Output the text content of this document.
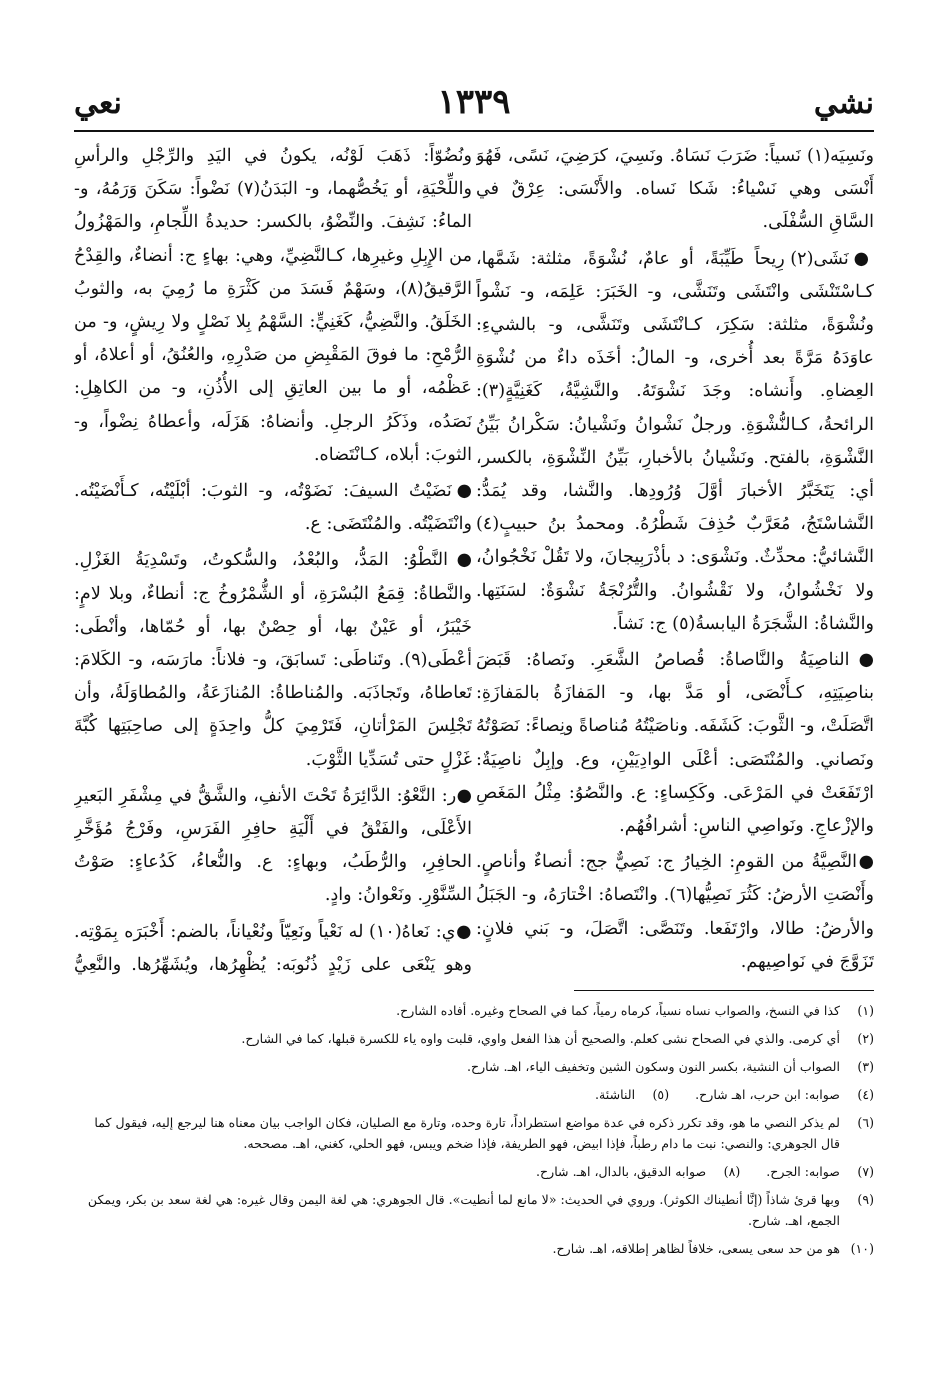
نشي
١٣٣٩
نعي

ونَسِيَه(١) نَسياً: ضَرَبَ نَسَاهُ. ونَسِيَ، كرَضِيَ، نَسًى، فَهُوَ أَنْسَى وهي نَسْياءُ: شَكا نَساه. والأَنْسَى: عِرْقٌ في السَّاقِ السُّفْلَى.

●نَشَى(٢) رِيحاً طَيِّبَةً، أو عامٌ، نُشْوَةً، مثلثة: شَمَّها، كـاسْتَنْشَى وانْتَشَى وتَنَشَّى، و- الخَبَرَ: عَلِمَه، و- نَشْواً ونُشْوَةً، مثلثة: سَكِرَ، كـانْتَشَى وتَنَشَّى، و- بالشيءِ: عاوَدَهُ مَرَّةً بعد أُخرى، و- المالُ: أخَذَه داءٌ من نُشْوَةِ العِضاهِ. وأَنشاه: وجَدَ نَشْوَتَهُ. والنَّشِيَّةُ، كَغَنِيَّةٍ(٣): الرائحةُ، كـالنُّشْوَةِ. ورجلٌ نَشْوانُ ونَشْيانُ: سَكْرانُ بَيِّنُ النَّشْوَةِ، بالفتح. ونَشْيانُ بالأخبارِ، بَيِّنُ النِّشْوَةِ، بالكسر، أي: يَتَخَبَّرُ الأخبارَ أوَّلَ وُرُودِها. والنَّشا، وقد يُمَدُّ: النَّشاسْتَجُ، مُعَرَّبٌ حُذِفَ شَطْرُهُ. ومحمدُ بنُ حبيبٍ(٤) النَّشائيُّ: محدِّثٌ. ونَشْوَى: د بأذْرَبِيجانَ، ولا تَقُلْ نَخْجُوانُ، ولا نَخْشُوانُ، ولا نَقْشُوانُ. والتُّرُنْجَةُ نَشْوَةٌ: لسَنَتِها. والنَّشاةُ: الشَّجَرَةُ اليابسةُ(٥) ج: نَشاً.

●الناصِيَةُ والنَّاصاةُ: قُصاصُ الشَّعَرِ. ونَصاهُ: قَبَضَ بناصِيَتِهِ، كـأَنْصَى، أو مَدَّ بها، و- المَفازَةُ بالمَفازَةِ: اتَّصَلَتْ، و- الثَّوبَ: كَشَفَه. وناصَيْتُهُ مُناصاةً ونِصاءً: نَصَوْتُهُ ونَصاني. والمُنْتَصَى: أعْلَى الوادِيَيْنِ، وع. وإبِلٌ ناصِيَةٌ: ارْتَفَعَتْ في المَرْعَى. وكَكِساءٍ: ع. والنَّصُوُ: مِثْلُ المَغَصِ والإزْعاجِ. ونَواصِي الناسِ: أشرافُهُم.

●النَّصِيَّةُ من القومِ: الخِيارُ ج: نَصِيٌّ جج: أنصاءٌ وأناصٍ. وأَنْصَتِ الأرضُ: كَثُرَ نَصِيُّها(٦). وانْتَصاهُ: اخْتارَهُ، و- الجَبَلُ والأرضُ: طالا، وارْتَفَعا. وتَنَصَّى: اتَّصَلَ، و- بَني فلانٍ: تَزَوَّجَ في نَواصِيهم.

ونُضُوّاً: ذَهَبَ لَوْنُه، يكونُ في اليَدِ والرِّجْلِ والرأسِ واللِّحْيَةِ، أو يَخُصُّهما، و- البَدَنُ(٧) نَضْواً: سَكَنَ وَرَمُهُ، و- الماءُ: نَشِفَ. والنِّضْوُ، بالكسر: حديدةُ اللِّجامِ، والمَهْزُولُ من الإِبِلِ وغيرِها، كـالنَّضِيِّ، وهي: بهاءٍ ج: أنضاءٌ، والقِدْحُ الرَّقيقُ(٨)، وسَهْمٌ فَسَدَ من كَثْرَةِ ما رُمِيَ به، والثوبُ الخَلَقُ. والنَّضِيُّ، كَغَنِيٍّ: السَّهْمُ بِلا نَصْلٍ ولا رِيشٍ، و- من الرُّمْحِ: ما فوقَ المَقْبِضِ من صَدْرِهِ، والعُنُقُ، أو أعلاهُ، أو عَظْمُه، أو ما بين العاتِقِ إلى الأُذُنِ، و- من الكاهِلِ: نَصَدُه، وذَكَرُ الرجلِ. وأنضاهُ: هَزَلَه، وأعطاهُ نِضْواً، و- الثوبَ: أبلاه، كـانْتَضاه.

●نَضَيْتُ السيفَ: نَضَوْتُه، و- الثوبَ: أبْلَيْتُه، كـأَنْضَيْتُه. وانْتَضَيْتُه. والمُنْتَضَى: ع.

●النَّطْوُ: المَدُّ، والبُعْدُ، والسُّكوتُ، وتَسْدِيَةُ الغَزْلِ. والنَّطاةُ: قِمَعُ البُسْرَةِ، أو الشُّمْرُوخُ ج: أنطاءٌ، وبلا لامٍ: خَيْبَرُ، أو عَيْنٌ بها، أو حِصْنٌ بها، أو حُمّاها، وأنْطَى: أعْطَى(٩). وتَناطَى: تَسابَقَ، و- فلاناً: مارَسَه، و- الكَلامَ: تَعاطاهُ، وتَجاذَبَه. والمُناطاةُ: المُنازَعَةُ، والمُطاوَلَةُ، وأن تَجْلِسَ المَرْأتانِ، فَتَرْمِيَ كلُّ واحِدَةٍ إلى صاحِبَتِها كُبَّةَ غَزْلٍ حتى تُسَدِّيا الثَّوْبَ.

●ر: النَّعْوُ: الدَّائِرَةُ تَحْتَ الأنفِ، والشَّقُّ في مِشْفَرِ البَعيرِ الأَعْلَى، والفَتْقُ في أَلْيَةِ حافِرِ الفَرَسِ، وفَرْجُ مُؤَخَّرِ الحافِرِ، والرُّطَبُ، وبهاءٍ: ع. والنُّعاءُ، كَدُعاءٍ: صَوْتُ السِّنَّوْرِ. ونَعْوانُ: وادٍ.

●ي: نَعاهُ(١٠) له نَعْياً ونَعِيّاً ونُعْياناً، بالضم: أَخْبَرَه بِمَوْتِه. وهو يَنْعَى على زَيْدٍ ذُنُوبَه: يُظْهِرُها، ويُشَهِّرُها. والنَّعِيُّ

(١)
كذا في النسخ، والصواب نساه نسياً، كرماه رمياً، كما في الصحاح وغيره. أفاده الشارح.
(٢)
أي كرمى. والذي في الصحاح نشى كعلم. والصحيح أن هذا الفعل واوي، قلبت واوه ياء للكسرة قبلها، كما في الشارح.
(٣)
الصواب أن النشية، بكسر النون وسكون الشين وتخفيف الياء، اهـ. شارح.
(٤)
صوابه: ابن حرب، اهـ شارح.
(٥)
الناشئة.
(٦)
لم يذكر النصي ما هو، وقد تكرر ذكره في عدة مواضع استطراداً، تارة وحده، وتارة مع الصليان، فكان الواجب بيان معناه هنا ليرجع إليه، فيقول كما قال الجوهري: والنصي: نبت ما دام رطباً، فإذا ابيض، فهو الطريفة، فإذا ضخم ويبس، فهو الحلي، كغني، اهـ. مصححه.
(٧)
صوابه: الجرح.
(٨)
صوابه الدقيق، بالدال، اهـ. شارح.
(٩)
وبها قرئ شاذاً (إنَّا أنطيناك الكوثر). وروي في الحديث: «لا مانع لما أنطيت». قال الجوهري: هي لغة اليمن وقال غيره: هي لغة سعد بن بكر، ويمكن الجمع، اهـ. شارح.
(١٠)
هو من حد سعى يسعى، خلافاً لظاهر إطلاقه، اهـ. شارح.
